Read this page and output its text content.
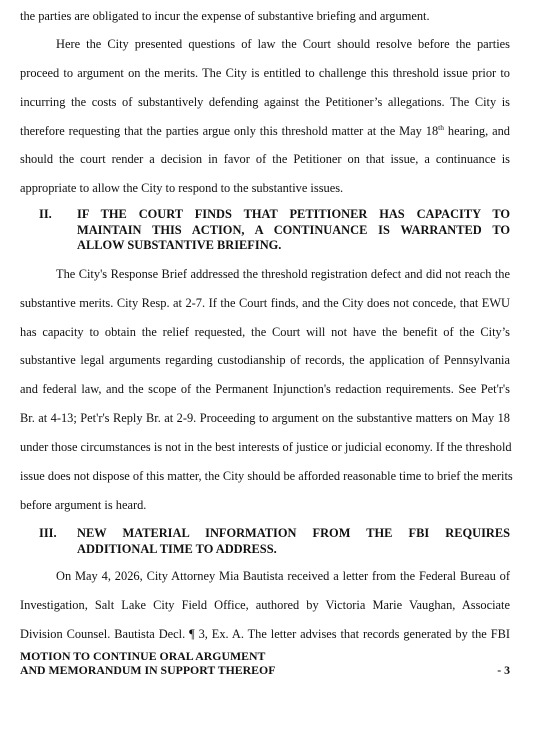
the parties are obligated to incur the expense of substantive briefing and argument.
Here the City presented questions of law the Court should resolve before the parties
proceed to argument on the merits. The City is entitled to challenge this threshold issue prior to
incurring the costs of substantively defending against the Petitioner’s allegations. The City is
therefore requesting that the parties argue only this threshold matter at the May 18th hearing, and
should the court render a decision in favor of the Petitioner on that issue, a continuance is
appropriate to allow the City to respond to the substantive issues.
II. IF THE COURT FINDS THAT PETITIONER HAS CAPACITY TO
MAINTAIN THIS ACTION, A CONTINUANCE IS WARRANTED TO
ALLOW SUBSTANTIVE BRIEFING.
The City's Response Brief addressed the threshold registration defect and did not reach the
substantive merits. City Resp. at 2-7. If the Court finds, and the City does not concede, that EWU
has capacity to obtain the relief requested, the Court will not have the benefit of the City’s
substantive legal arguments regarding custodianship of records, the application of Pennsylvania
and federal law, and the scope of the Permanent Injunction's redaction requirements. See Pet'r's
Br. at 4-13; Pet'r's Reply Br. at 2-9. Proceeding to argument on the substantive matters on May 18
under those circumstances is not in the best interests of justice or judicial economy. If the threshold
issue does not dispose of this matter, the City should be afforded reasonable time to brief the merits
before argument is heard.
III. NEW MATERIAL INFORMATION FROM THE FBI REQUIRES
ADDITIONAL TIME TO ADDRESS.
On May 4, 2026, City Attorney Mia Bautista received a letter from the Federal Bureau of
Investigation, Salt Lake City Field Office, authored by Victoria Marie Vaughan, Associate
Division Counsel. Bautista Decl. ¶ 3, Ex. A. The letter advises that records generated by the FBI
MOTION TO CONTINUE ORAL ARGUMENT
AND MEMORANDUM IN SUPPORT THEREOF	- 3
